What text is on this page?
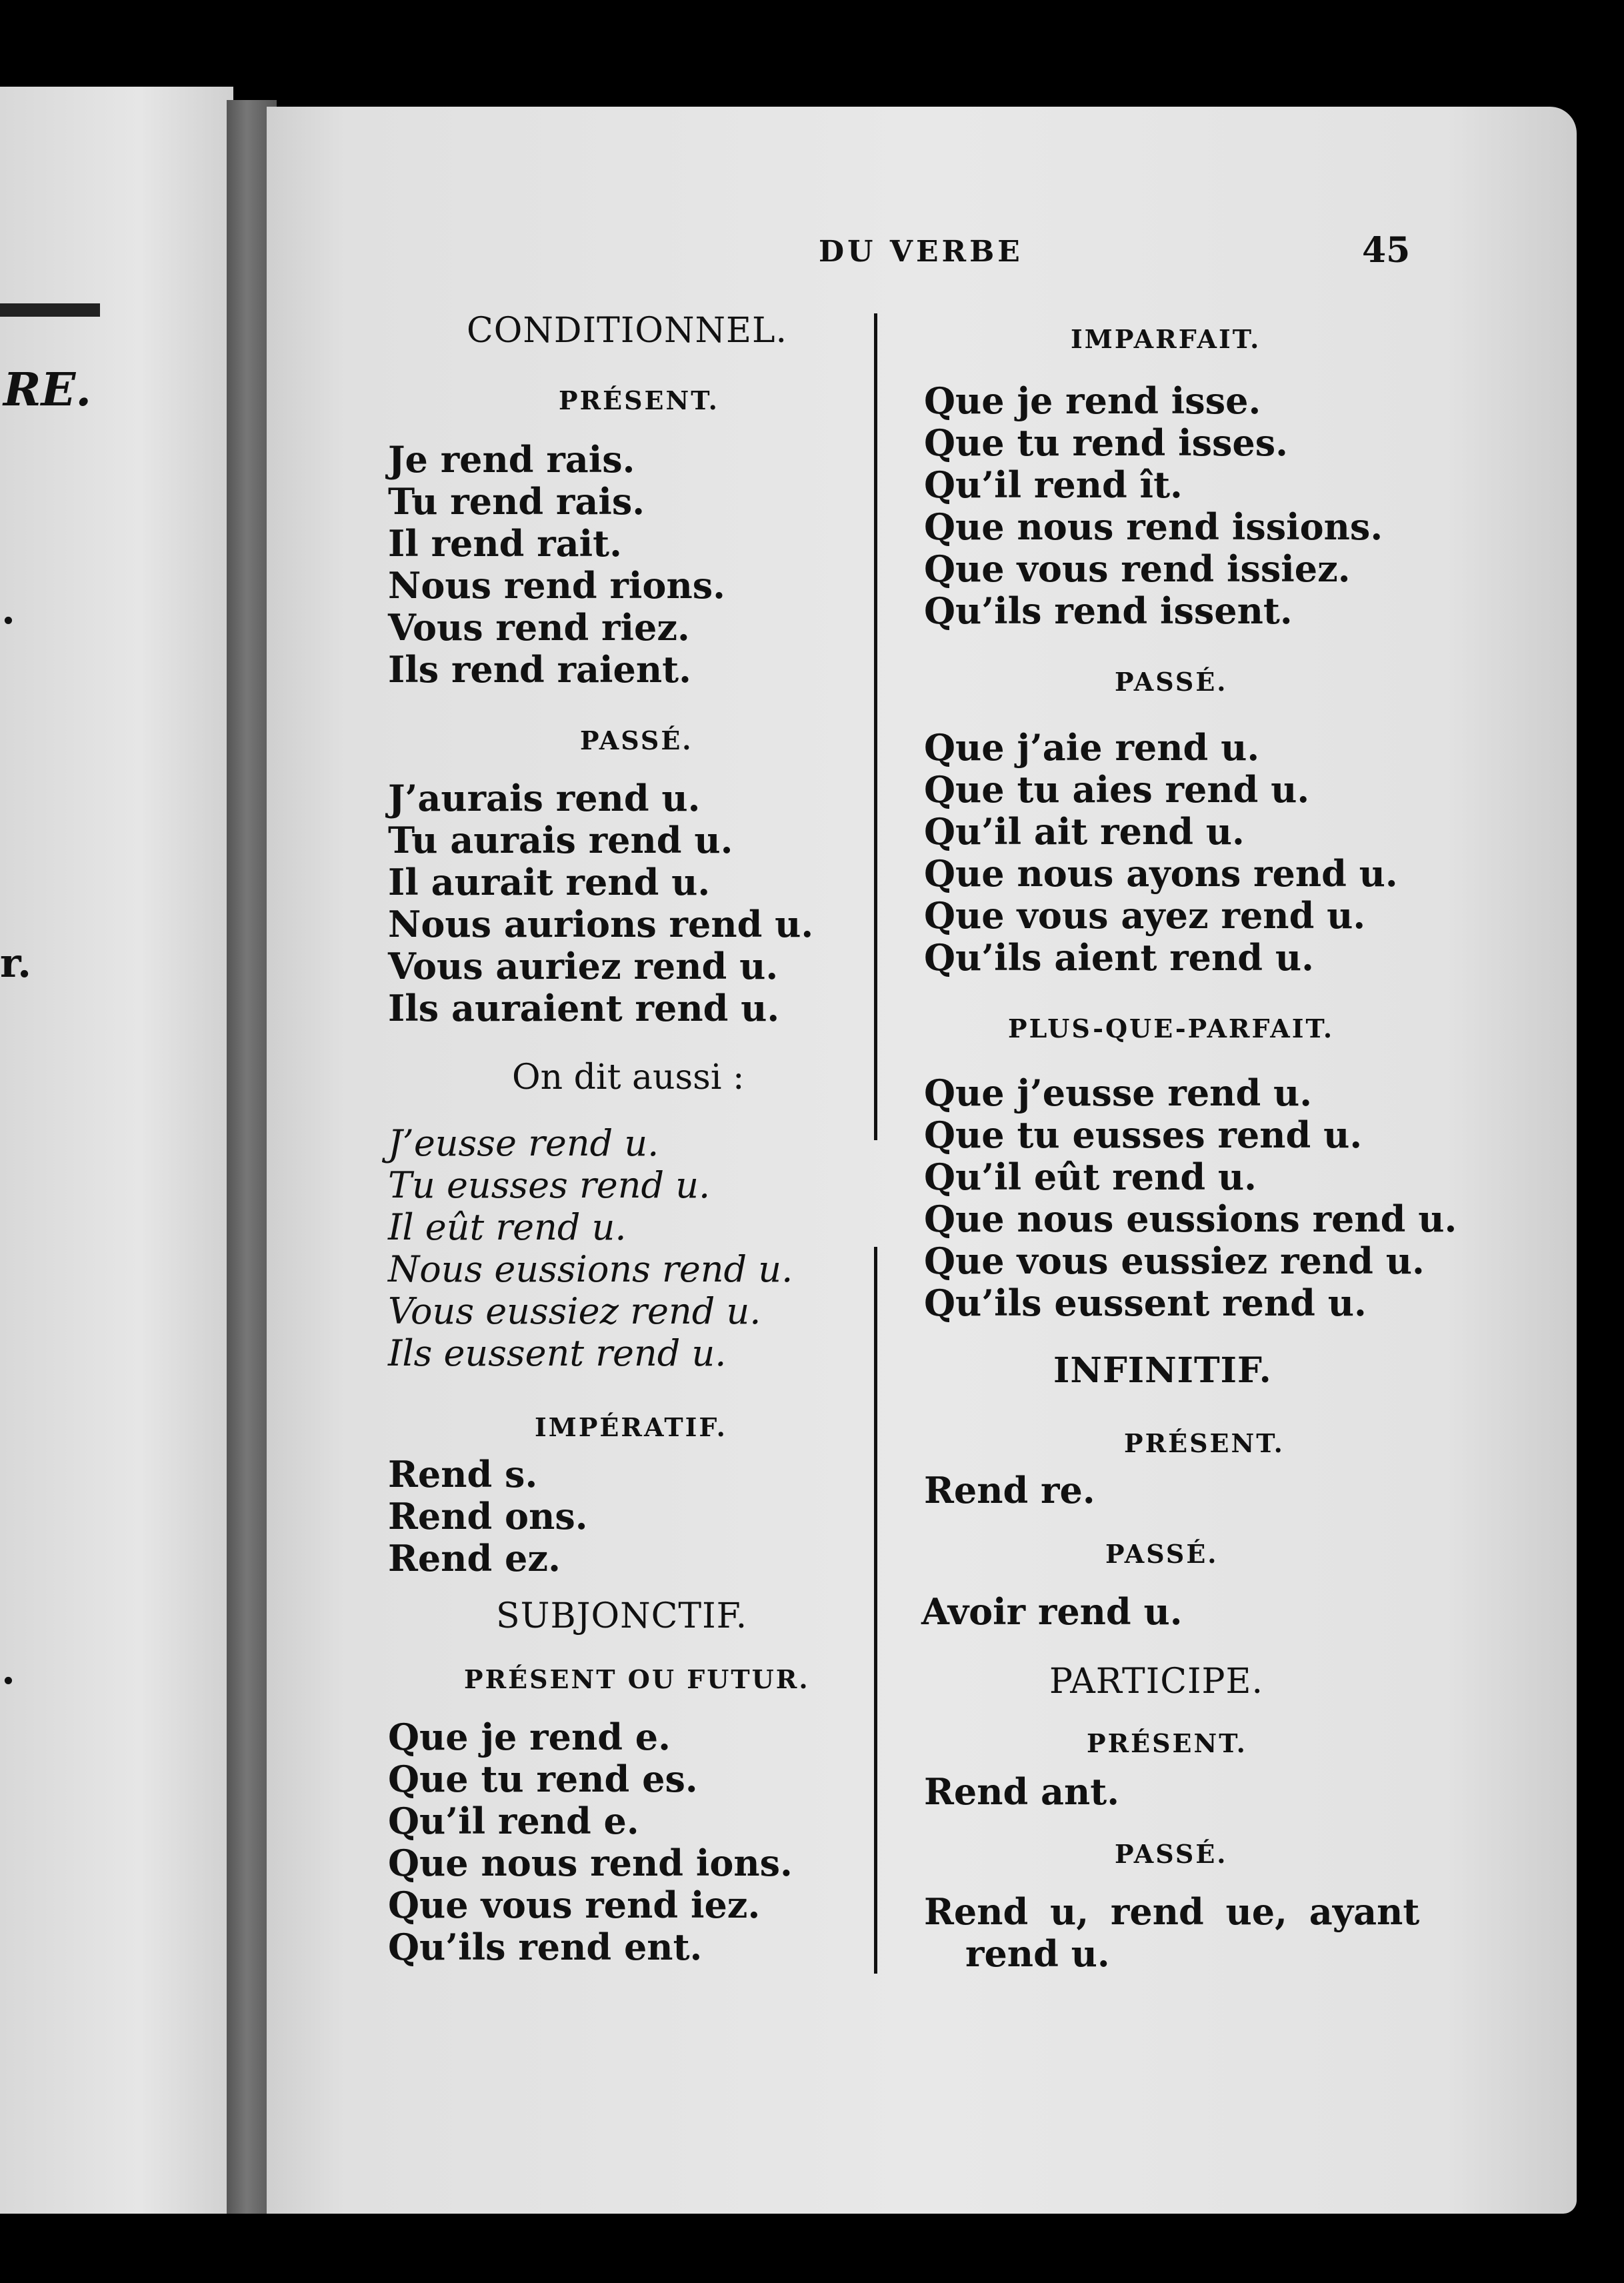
RE.
.
r.
.
DU VERBE	45
CONDITIONNEL.
PRÉSENT.
Je rend rais.
Tu rend rais.
Il rend rait.
Nous rend rions.
Vous rend riez.
Ils rend raient.
PASSÉ.
J’aurais rend u.
Tu aurais rend u.
Il aurait rend u.
Nous aurions rend u.
Vous auriez rend u.
Ils auraient rend u.
On dit aussi :
J’eusse rend u.
Tu eusses rend u.
Il eût rend u.
Nous eussions rend u.
Vous eussiez rend u.
Ils eussent rend u.
IMPÉRATIF.
Rend s.
Rend ons.
Rend ez.
SUBJONCTIF.
PRÉSENT OU FUTUR.
Que je rend e.
Que tu rend es.
Qu’il rend e.
Que nous rend ions.
Que vous rend iez.
Qu’ils rend ent.
IMPARFAIT.
Que je rend isse.
Que tu rend isses.
Qu’il rend ît.
Que nous rend issions.
Que vous rend issiez.
Qu’ils rend issent.
PASSÉ.
Que j’aie rend u.
Que tu aies rend u.
Qu’il ait rend u.
Que nous ayons rend u.
Que vous ayez rend u.
Qu’ils aient rend u.
PLUS-QUE-PARFAIT.
Que j’eusse rend u.
Que tu eusses rend u.
Qu’il eût rend u.
Que nous eussions rend u.
Que vous eussiez rend u.
Qu’ils eussent rend u.
INFINITIF.
PRÉSENT.
Rend re.
PASSÉ.
Avoir rend u.
PARTICIPE.
PRÉSENT.
Rend ant.
PASSÉ.
Rend u, rend ue, ayant
rend u.
